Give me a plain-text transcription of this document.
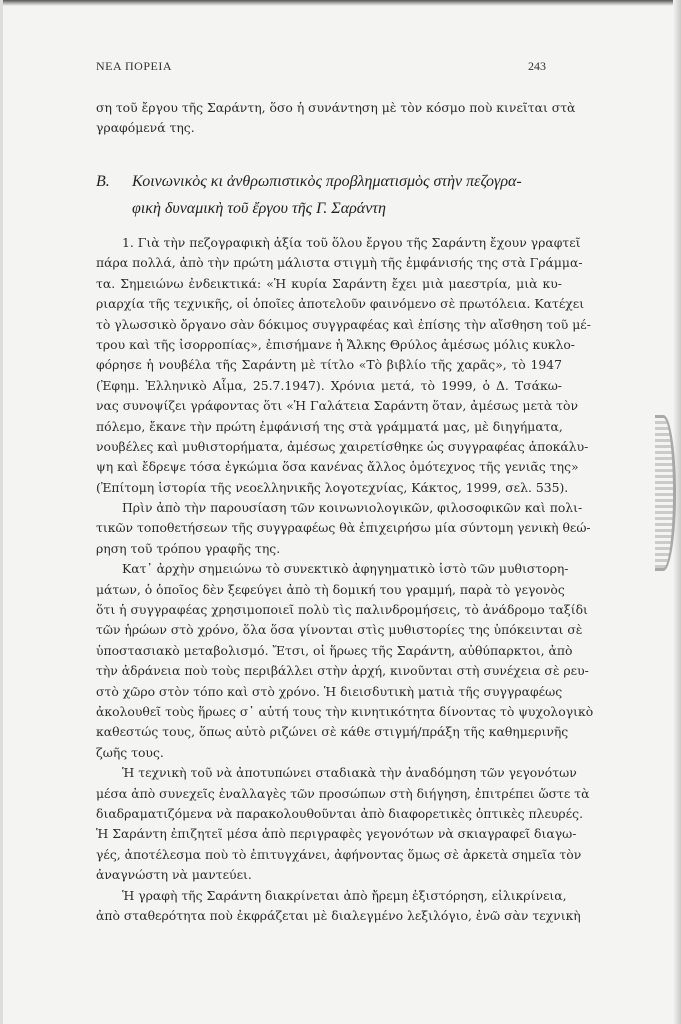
ΝΕΑ ΠΟΡΕΙΑ	243
ση τοῦ ἔργου τῆς Σαράντη, ὅσο ἡ συνάντηση μὲ τὸν κόσμο ποὺ κινεῖται στὰ
γραφόμενά της.
Β. Κοινωνικὸς κι ἀνθρωπιστικὸς προβληματισμὸς στὴν πεζογρα-
φικὴ δυναμικὴ τοῦ ἔργου τῆς Γ. Σαράντη
1. Γιὰ τὴν πεζογραφικὴ ἀξία τοῦ ὅλου ἔργου τῆς Σαράντη ἔχουν γραφτεῖ
πάρα πολλά, ἀπὸ τὴν πρώτη μάλιστα στιγμὴ τῆς ἐμφάνισής της στὰ Γράμμα-
τα. Σημειώνω ἐνδεικτικά: «Ἡ κυρία Σαράντη ἔχει μιὰ μαεστρία, μιὰ κυ-
ριαρχία τῆς τεχνικῆς, οἱ ὁποῖες ἀποτελοῦν φαινόμενο σὲ πρωτόλεια. Κατέχει
τὸ γλωσσικὸ ὄργανο σὰν δόκιμος συγγραφέας καὶ ἐπίσης τὴν αἴσθηση τοῦ μέ-
τρου καὶ τῆς ἰσορροπίας», ἐπισήμανε ἡ Ἄλκης Θρύλος ἀμέσως μόλις κυκλο-
φόρησε ἡ νουβέλα τῆς Σαράντη μὲ τίτλο «Τὸ βιβλίο τῆς χαρᾶς», τὸ 1947
(Ἐφημ. Ἑλληνικὸ Αἷμα, 25.7.1947). Χρόνια μετά, τὸ 1999, ὁ Δ. Τσάκω-
νας συνοψίζει γράφοντας ὅτι «Ἡ Γαλάτεια Σαράντη ὅταν, ἀμέσως μετὰ τὸν
πόλεμο, ἔκανε τὴν πρώτη ἐμφάνισή της στὰ γράμματά μας, μὲ διηγήματα,
νουβέλες καὶ μυθιστορήματα, ἀμέσως χαιρετίσθηκε ὡς συγγραφέας ἀποκάλυ-
ψη καὶ ἔδρεψε τόσα ἐγκώμια ὅσα κανένας ἄλλος ὁμότεχνος τῆς γενιᾶς της»
(Ἐπίτομη ἱστορία τῆς νεοελληνικῆς λογοτεχνίας, Κάκτος, 1999, σελ. 535).
Πρὶν ἀπὸ τὴν παρουσίαση τῶν κοινωνιολογικῶν, φιλοσοφικῶν καὶ πολι-
τικῶν τοποθετήσεων τῆς συγγραφέως θὰ ἐπιχειρήσω μία σύντομη γενικὴ θεώ-
ρηση τοῦ τρόπου γραφῆς της.
Κατ᾽ ἀρχὴν σημειώνω τὸ συνεκτικὸ ἀφηγηματικὸ ἱστὸ τῶν μυθιστορη-
μάτων, ὁ ὁποῖος δὲν ξεφεύγει ἀπὸ τὴ δομική του γραμμή, παρὰ τὸ γεγονὸς
ὅτι ἡ συγγραφέας χρησιμοποιεῖ πολὺ τὶς παλινδρομήσεις, τὸ ἀνάδρομο ταξίδι
τῶν ἡρώων στὸ χρόνο, ὅλα ὅσα γίνονται στὶς μυθιστορίες της ὑπόκεινται σὲ
ὑποστασιακὸ μεταβολισμό. Ἔτσι, οἱ ἥρωες τῆς Σαράντη, αὐθύπαρκτοι, ἀπὸ
τὴν ἀδράνεια ποὺ τοὺς περιβάλλει στὴν ἀρχή, κινοῦνται στὴ συνέχεια σὲ ρευ-
στὸ χῶρο στὸν τόπο καὶ στὸ χρόνο. Ἡ διεισδυτικὴ ματιὰ τῆς συγγραφέως
ἀκολουθεῖ τοὺς ἥρωες σ᾽ αὐτή τους τὴν κινητικότητα δίνοντας τὸ ψυχολογικὸ
καθεστώς τους, ὅπως αὐτὸ ριζώνει σὲ κάθε στιγμή/πράξη τῆς καθημερινῆς
ζωῆς τους.
Ἡ τεχνικὴ τοῦ νὰ ἀποτυπώνει σταδιακὰ τὴν ἀναδόμηση τῶν γεγονότων
μέσα ἀπὸ συνεχεῖς ἐναλλαγὲς τῶν προσώπων στὴ διήγηση, ἐπιτρέπει ὥστε τὰ
διαδραματιζόμενα νὰ παρακολουθοῦνται ἀπὸ διαφορετικὲς ὀπτικὲς πλευρές.
Ἡ Σαράντη ἐπιζητεῖ μέσα ἀπὸ περιγραφὲς γεγονότων νὰ σκιαγραφεῖ διαγω-
γές, ἀποτέλεσμα ποὺ τὸ ἐπιτυγχάνει, ἀφήνοντας ὅμως σὲ ἀρκετὰ σημεῖα τὸν
ἀναγνώστη νὰ μαντεύει.
Ἡ γραφὴ τῆς Σαράντη διακρίνεται ἀπὸ ἤρεμη ἐξιστόρηση, εἰλικρίνεια,
ἀπὸ σταθερότητα ποὺ ἐκφράζεται μὲ διαλεγμένο λεξιλόγιο, ἐνῶ σὰν τεχνικὴ
